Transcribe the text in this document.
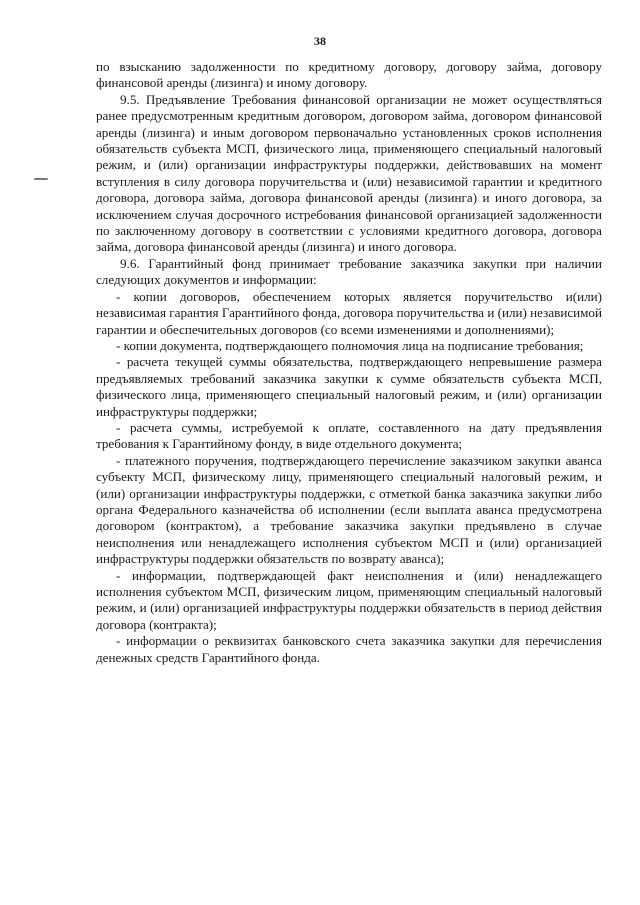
38

по взысканию задолженности по кредитному договору, договору займа, договору финансовой аренды (лизинга) и иному договору.

9.5. Предъявление Требования финансовой организации не может осуществляться ранее предусмотренным кредитным договором, договором займа, договором финансовой аренды (лизинга) и иным договором первоначально установленных сроков исполнения обязательств субъекта МСП, физического лица, применяющего специальный налоговый режим, и (или) организации инфраструктуры поддержки, действовавших на момент вступления в силу договора поручительства и (или) независимой гарантии и кредитного договора, договора займа, договора финансовой аренды (лизинга) и иного договора, за исключением случая досрочного истребования финансовой организацией задолженности по заключенному договору в соответствии с условиями кредитного договора, договора займа, договора финансовой аренды (лизинга) и иного договора.

9.6. Гарантийный фонд принимает требование заказчика закупки при наличии следующих документов и информации:

- копии договоров, обеспечением которых является поручительство и(или) независимая гарантия Гарантийного фонда, договора поручительства и (или) независимой гарантии и обеспечительных договоров (со всеми изменениями и дополнениями);

- копии документа, подтверждающего полномочия лица на подписание требования;

- расчета текущей суммы обязательства, подтверждающего непревышение размера предъявляемых требований заказчика закупки к сумме обязательств субъекта МСП, физического лица, применяющего специальный налоговый режим, и (или) организации инфраструктуры поддержки;

- расчета суммы, истребуемой к оплате, составленного на дату предъявления требования к Гарантийному фонду, в виде отдельного документа;

- платежного поручения, подтверждающего перечисление заказчиком закупки аванса субъекту МСП, физическому лицу, применяющего специальный налоговый режим, и (или) организации инфраструктуры поддержки, с отметкой банка заказчика закупки либо органа Федерального казначейства об исполнении (если выплата аванса предусмотрена договором (контрактом), а требование заказчика закупки предъявлено в случае неисполнения или ненадлежащего исполнения субъектом МСП и (или) организацией инфраструктуры поддержки обязательств по возврату аванса);

- информации, подтверждающей факт неисполнения и (или) ненадлежащего исполнения субъектом МСП, физическим лицом, применяющим специальный налоговый режим, и (или) организацией инфраструктуры поддержки обязательств в период действия договора (контракта);

- информации о реквизитах банковского счета заказчика закупки для перечисления денежных средств Гарантийного фонда.
